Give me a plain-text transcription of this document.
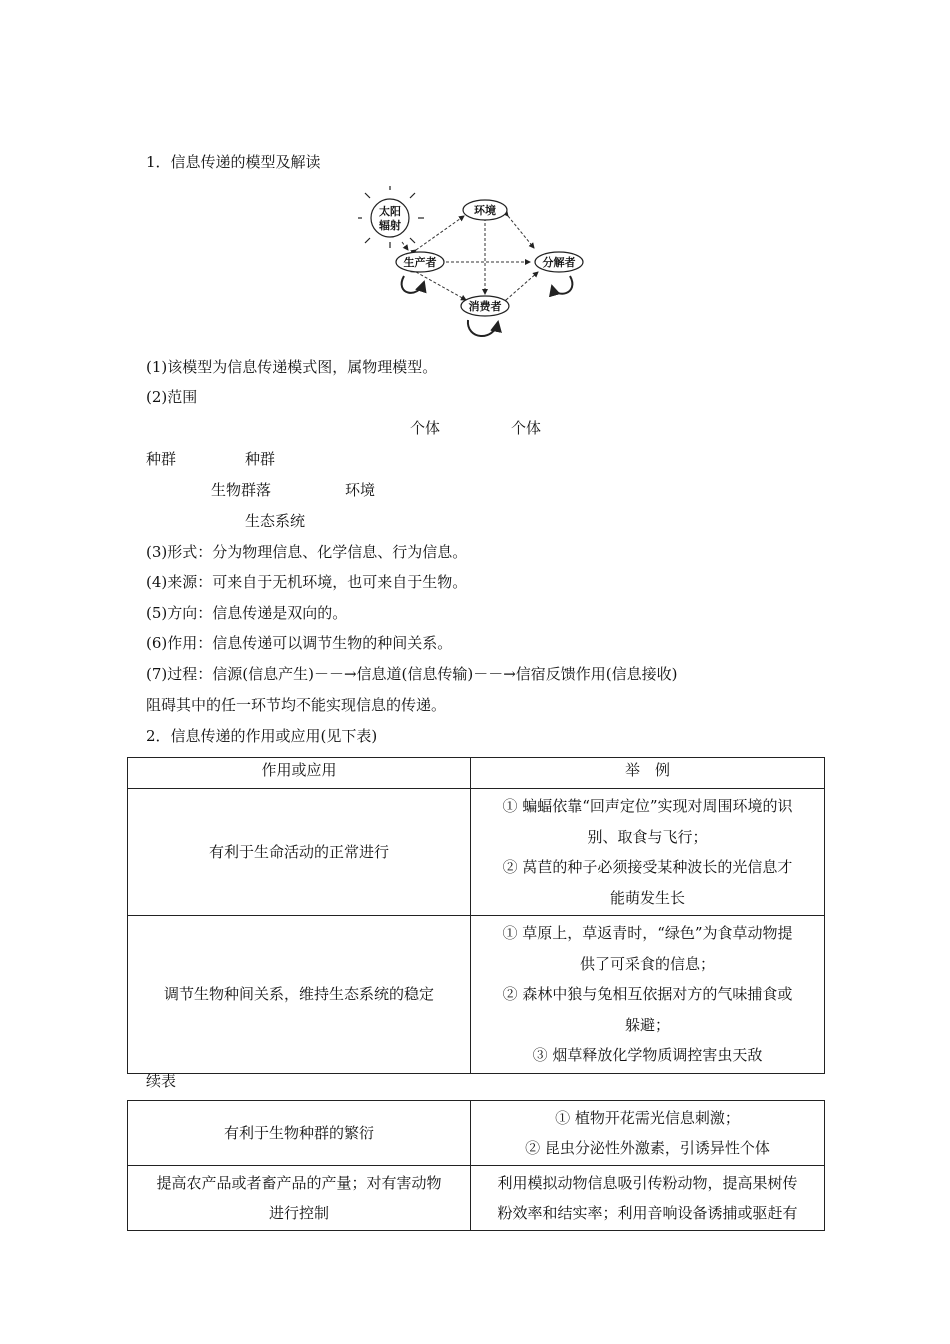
1．信息传递的模型及解读
太阳
辐射
环境
生产者	分解者
消费者
(1)该模型为信息传递模式图，属物理模型。
(2)范围
个体	个体
种群	种群
生物群落	环境
生态系统
(3)形式：分为物理信息、化学信息、行为信息。
(4)来源：可来自于无机环境，也可来自于生物。
(5)方向：信息传递是双向的。
(6)作用：信息传递可以调节生物的种间关系。
(7)过程：信源(信息产生)－－→信息道(信息传输)－－→信宿反馈作用(信息接收)
阻碍其中的任一环节均不能实现信息的传递。
2．信息传递的作用或应用(见下表)
作用或应用	举　例
有利于生命活动的正常进行	① 蝙蝠依靠“回声定位”实现对周围环境的识
别、取食与飞行；
② 莴苣的种子必须接受某种波长的光信息才
能萌发生长

调节生物种间关系，维持生态系统的稳定	① 草原上，草返青时，“绿色”为食草动物提
供了可采食的信息；
② 森林中狼与兔相互依据对方的气味捕食或
躲避；
③ 烟草释放化学物质调控害虫天敌
续表
有利于生物种群的繁衍	① 植物开花需光信息刺激；
② 昆虫分泌性外激素，引诱异性个体

提高农产品或者畜产品的产量；对有害动物
进行控制	利用模拟动物信息吸引传粉动物，提高果树传
粉效率和结实率；利用音响设备诱捕或驱赶有
